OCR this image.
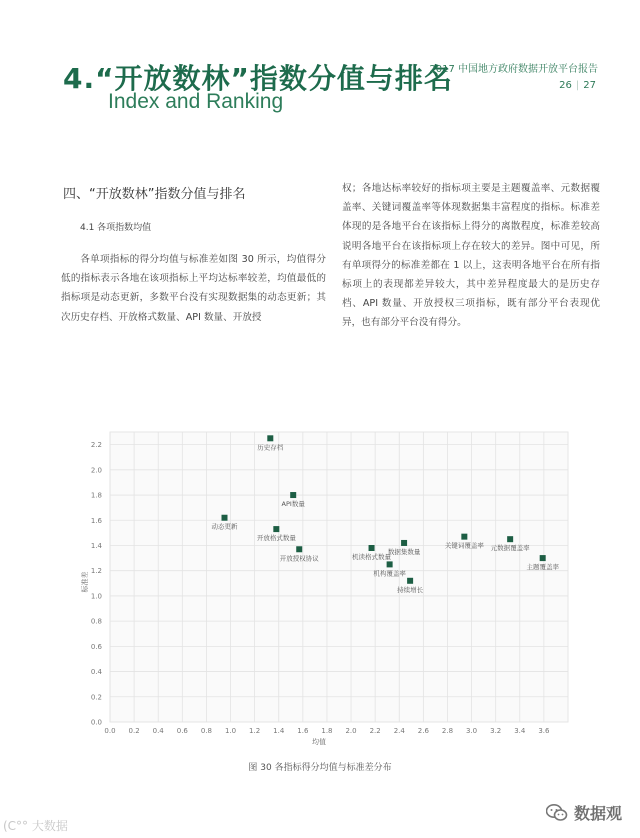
4.“开放数林”指数分值与排名
Index and Ranking
2017 中国地方政府数据开放平台报告
26 | 27
四、“开放数林”指数分值与排名
4.1 各项指数均值
各单项指标的得分均值与标准差如图 30 所示，均值得分低的指标表示各地在该项指标上平均达标率较差，均值最低的指标项是动态更新，多数平台没有实现数据集的动态更新；其次历史存档、开放格式数量、API 数量、开放授
权；各地达标率较好的指标项主要是主题覆盖率、元数据覆盖率、关键词覆盖率等体现数据集丰富程度的指标。标准差体现的是各地平台在该指标上得分的离散程度，标准差较高说明各地平台在该指标项上存在较大的差异。图中可见，所有单项得分的标准差都在 1 以上，这表明各地平台在所有指标项上的表现都差异较大，其中差异程度最大的是历史存档、API 数量、开放授权三项指标，既有部分平台表现优异，也有部分平台没有得分。
0.0 0.2 0.4 0.6 0.8 1.0 1.2 1.4 1.6 1.8 2.0 2.2 2.4 2.6 2.8 3.0 3.2 3.4 3.6
0.0
0.2
0.4
0.6
0.8
1.0
1.2
1.4
1.6
1.8
2.0
2.2
均值
标准差
历史存档
API数量
动态更新
开放格式数量
开放授权协议	机读格式数量
数据集数量
机构覆盖率
持续增长
关键词覆盖率 元数据覆盖率
主题覆盖率
图 30 各指标得分均值与标准差分布
(C°° 大数据
数据观
